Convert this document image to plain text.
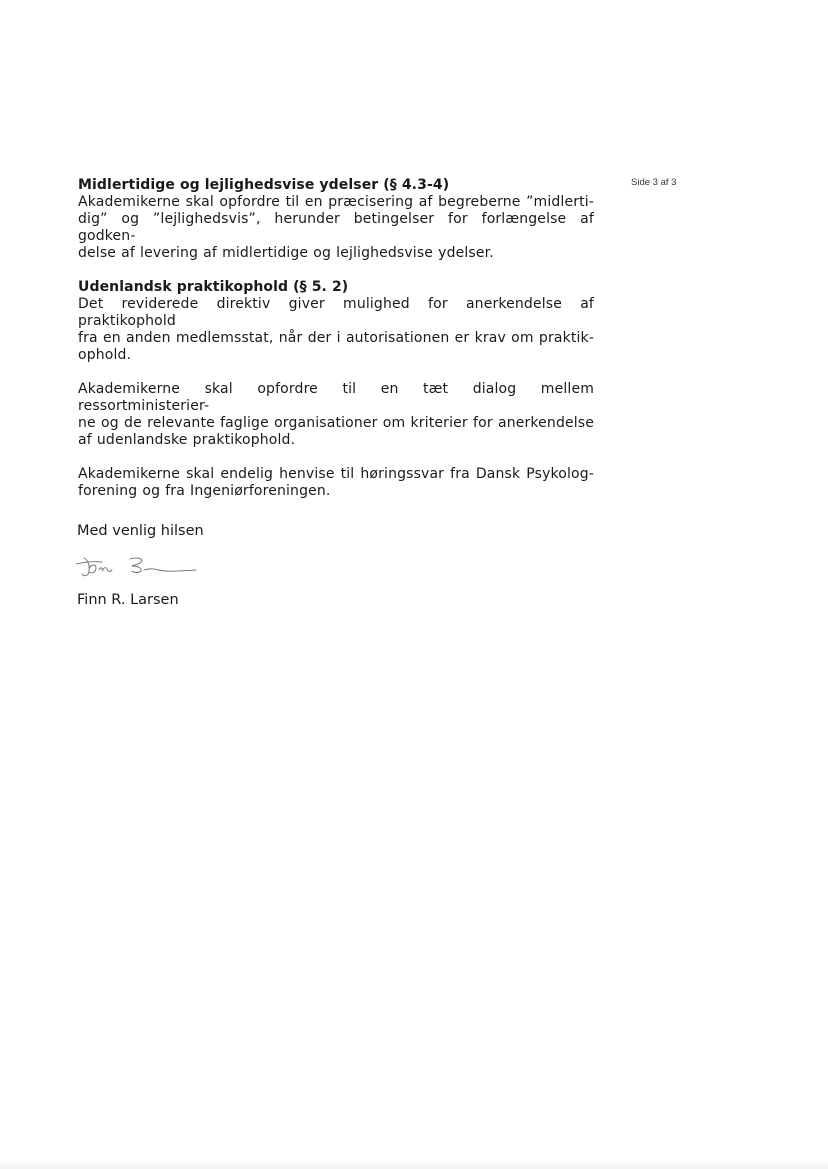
Side 3 af 3
Midlertidige og lejlighedsvise ydelser (§ 4.3-4)

Akademikerne skal opfordre til en præcisering af begreberne ”midlerti-
dig” og ”lejlighedsvis”, herunder betingelser for forlængelse af godken-
delse af levering af midlertidige og lejlighedsvise ydelser.

Udenlandsk praktikophold (§ 5. 2)

Det reviderede direktiv giver mulighed for anerkendelse af praktikophold
fra en anden medlemsstat, når der i autorisationen er krav om praktik-
ophold.

Akademikerne skal opfordre til en tæt dialog mellem ressortministerier-
ne og de relevante faglige organisationer om kriterier for anerkendelse
af udenlandske praktikophold.

Akademikerne skal endelig henvise til høringssvar fra Dansk Psykolog-
forening og fra Ingeniørforeningen.

Med venlig hilsen
Finn R. Larsen
